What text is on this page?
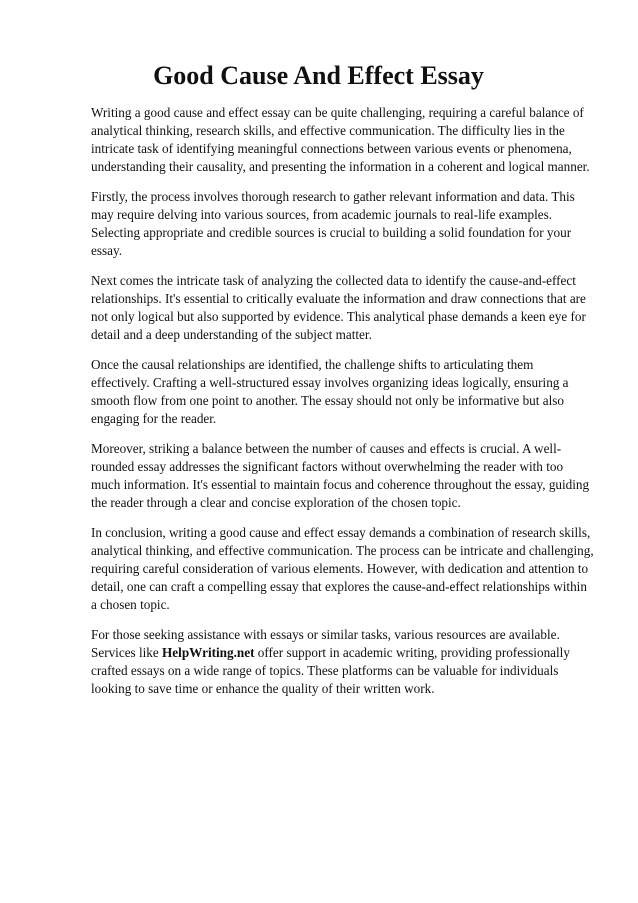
Good Cause And Effect Essay

Writing a good cause and effect essay can be quite challenging, requiring a careful balance of analytical thinking, research skills, and effective communication. The difficulty lies in the intricate task of identifying meaningful connections between various events or phenomena, understanding their causality, and presenting the information in a coherent and logical manner.

Firstly, the process involves thorough research to gather relevant information and data. This may require delving into various sources, from academic journals to real-life examples. Selecting appropriate and credible sources is crucial to building a solid foundation for your essay.

Next comes the intricate task of analyzing the collected data to identify the cause-and-effect relationships. It's essential to critically evaluate the information and draw connections that are not only logical but also supported by evidence. This analytical phase demands a keen eye for detail and a deep understanding of the subject matter.

Once the causal relationships are identified, the challenge shifts to articulating them effectively. Crafting a well-structured essay involves organizing ideas logically, ensuring a smooth flow from one point to another. The essay should not only be informative but also engaging for the reader.

Moreover, striking a balance between the number of causes and effects is crucial. A well-rounded essay addresses the significant factors without overwhelming the reader with too much information. It's essential to maintain focus and coherence throughout the essay, guiding the reader through a clear and concise exploration of the chosen topic.

In conclusion, writing a good cause and effect essay demands a combination of research skills, analytical thinking, and effective communication. The process can be intricate and challenging, requiring careful consideration of various elements. However, with dedication and attention to detail, one can craft a compelling essay that explores the cause-and-effect relationships within a chosen topic.

For those seeking assistance with essays or similar tasks, various resources are available. Services like HelpWriting.net offer support in academic writing, providing professionally crafted essays on a wide range of topics. These platforms can be valuable for individuals looking to save time or enhance the quality of their written work.
